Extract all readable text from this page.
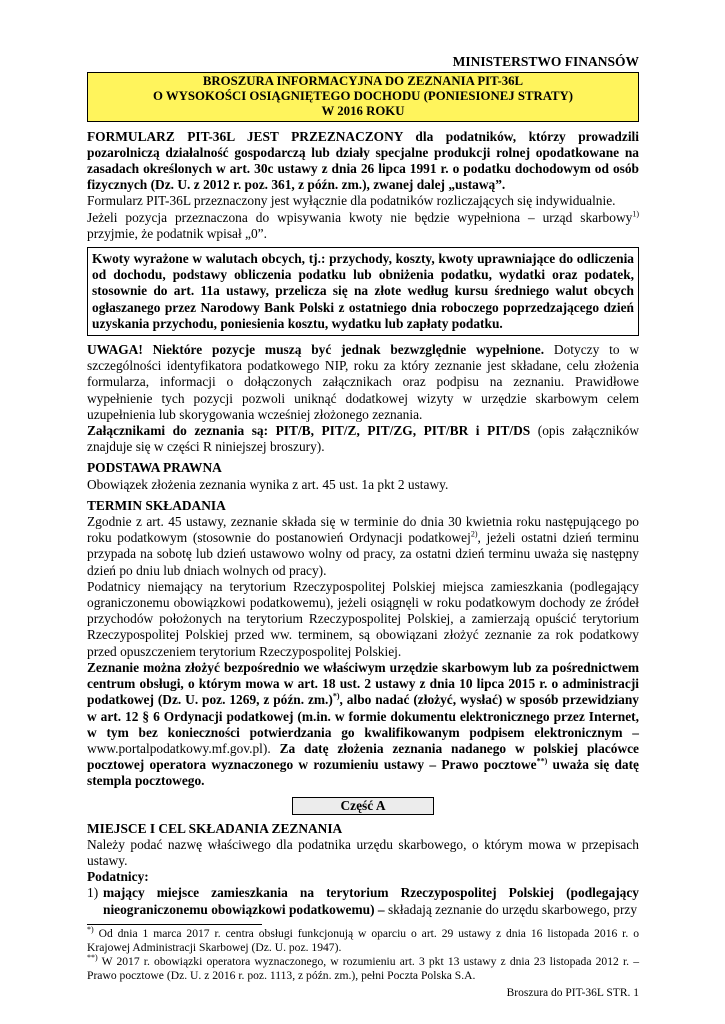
MINISTERSTWO FINANSÓW
BROSZURA INFORMACYJNA DO ZEZNANIA PIT-36L
O WYSOKOŚCI OSIĄGNIĘTEGO DOCHODU (PONIESIONEJ STRATY)
W 2016 ROKU

FORMULARZ PIT-36L JEST PRZEZNACZONY dla podatników, którzy prowadzili pozarolniczą działalność gospodarczą lub działy specjalne produkcji rolnej opodatkowane na zasadach określonych w art. 30c ustawy z dnia 26 lipca 1991 r. o podatku dochodowym od osób fizycznych (Dz. U. z 2012 r. poz. 361, z późn. zm.), zwanej dalej „ustawą”.

Formularz PIT-36L przeznaczony jest wyłącznie dla podatników rozliczających się indywidualnie.

Jeżeli pozycja przeznaczona do wpisywania kwoty nie będzie wypełniona – urząd skarbowy$^{1)}$ przyjmie, że podatnik wpisał „0”.

Kwoty wyrażone w walutach obcych, tj.: przychody, koszty, kwoty uprawniające do odliczenia od dochodu, podstawy obliczenia podatku lub obniżenia podatku, wydatki oraz podatek, stosownie do art. 11a ustawy, przelicza się na złote według kursu średniego walut obcych ogłaszanego przez Narodowy Bank Polski z ostatniego dnia roboczego poprzedzającego dzień uzyskania przychodu, poniesienia kosztu, wydatku lub zapłaty podatku.

UWAGA! Niektóre pozycje muszą być jednak bezwzględnie wypełnione. Dotyczy to w szczególności identyfikatora podatkowego NIP, roku za który zeznanie jest składane, celu złożenia formularza, informacji o dołączonych załącznikach oraz podpisu na zeznaniu. Prawidłowe wypełnienie tych pozycji pozwoli uniknąć dodatkowej wizyty w urzędzie skarbowym celem uzupełnienia lub skorygowania wcześniej złożonego zeznania.

Załącznikami do zeznania są: PIT/B, PIT/Z, PIT/ZG, PIT/BR i PIT/DS (opis załączników znajduje się w części R niniejszej broszury).

PODSTAWA PRAWNA

Obowiązek złożenia zeznania wynika z art. 45 ust. 1a pkt 2 ustawy.

TERMIN SKŁADANIA

Zgodnie z art. 45 ustawy, zeznanie składa się w terminie do dnia 30 kwietnia roku następującego po roku podatkowym (stosownie do postanowień Ordynacji podatkowej$^{2)}$, jeżeli ostatni dzień terminu przypada na sobotę lub dzień ustawowo wolny od pracy, za ostatni dzień terminu uważa się następny dzień po dniu lub dniach wolnych od pracy).

Podatnicy niemający na terytorium Rzeczypospolitej Polskiej miejsca zamieszkania (podlegający ograniczonemu obowiązkowi podatkowemu), jeżeli osiągnęli w roku podatkowym dochody ze źródeł przychodów położonych na terytorium Rzeczypospolitej Polskiej, a zamierzają opuścić terytorium Rzeczypospolitej Polskiej przed ww. terminem, są obowiązani złożyć zeznanie za rok podatkowy przed opuszczeniem terytorium Rzeczypospolitej Polskiej.

Zeznanie można złożyć bezpośrednio we właściwym urzędzie skarbowym lub za pośrednictwem centrum obsługi, o którym mowa w art. 18 ust. 2 ustawy z dnia 10 lipca 2015 r. o administracji podatkowej (Dz. U. poz. 1269, z późn. zm.)*), albo nadać (złożyć, wysłać) w sposób przewidziany w art. 12 § 6 Ordynacji podatkowej (m.in. w formie dokumentu elektronicznego przez Internet, w tym bez konieczności potwierdzania go kwalifikowanym podpisem elektronicznym – www.portalpodatkowy.mf.gov.pl). Za datę złożenia zeznania nadanego w polskiej placówce pocztowej operatora wyznaczonego w rozumieniu ustawy – Prawo pocztowe**) uważa się datę stempla pocztowego.

Część A
MIEJSCE I CEL SKŁADANIA ZEZNANIA

Należy podać nazwę właściwego dla podatnika urzędu skarbowego, o którym mowa w przepisach ustawy.

Podatnicy:

1) mający miejsce zamieszkania na terytorium Rzeczypospolitej Polskiej (podlegający nieograniczonemu obowiązkowi podatkowemu) – składają zeznanie do urzędu skarbowego, przy

*) Od dnia 1 marca 2017 r. centra obsługi funkcjonują w oparciu o art. 29 ustawy z dnia 16 listopada 2016 r. o Krajowej Administracji Skarbowej (Dz. U. poz. 1947).

**) W 2017 r. obowiązki operatora wyznaczonego, w rozumieniu art. 3 pkt 13 ustawy z dnia 23 listopada 2012 r. – Prawo pocztowe (Dz. U. z 2016 r. poz. 1113, z późn. zm.), pełni Poczta Polska S.A.

Broszura do PIT-36L STR. 1
